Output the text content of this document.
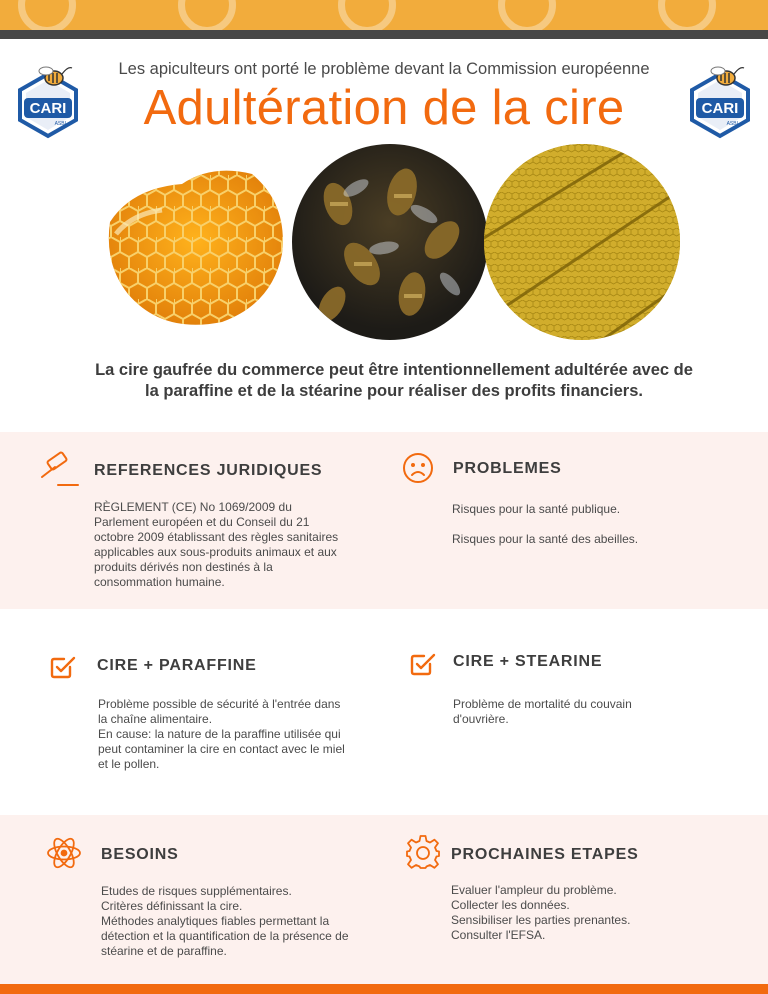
CARI
ASBL
CARI
ASBL
Les apiculteurs ont porté le problème devant la Commission européenne
Adultération de la cire
La cire gaufrée du commerce peut être intentionnellement adultérée avec de la paraffine et de la stéarine pour réaliser des profits financiers.
REFERENCES JURIDIQUES

RÈGLEMENT (CE) No 1069/2009 du

Parlement européen et du Conseil du 21

octobre 2009 établissant des règles sanitaires

applicables aux sous-produits animaux et aux

produits dérivés non destinés à la

consommation humaine.

PROBLEMES

Risques pour la santé publique.

Risques pour la santé des abeilles.

CIRE + PARAFFINE

Problème possible de sécurité à l'entrée dans

la chaîne alimentaire.

En cause: la nature de la paraffine utilisée qui

peut contaminer la cire en contact avec le miel

et le pollen.

CIRE + STEARINE

Problème de mortalité du couvain

d'ouvrière.

BESOINS

Etudes de risques supplémentaires.

Critères définissant la cire.

Méthodes analytiques fiables permettant la

détection et la quantification de la présence de

stéarine et de paraffine.

PROCHAINES ETAPES

Evaluer l'ampleur du problème.

Collecter les données.

Sensibiliser les parties prenantes.

Consulter l'EFSA.
